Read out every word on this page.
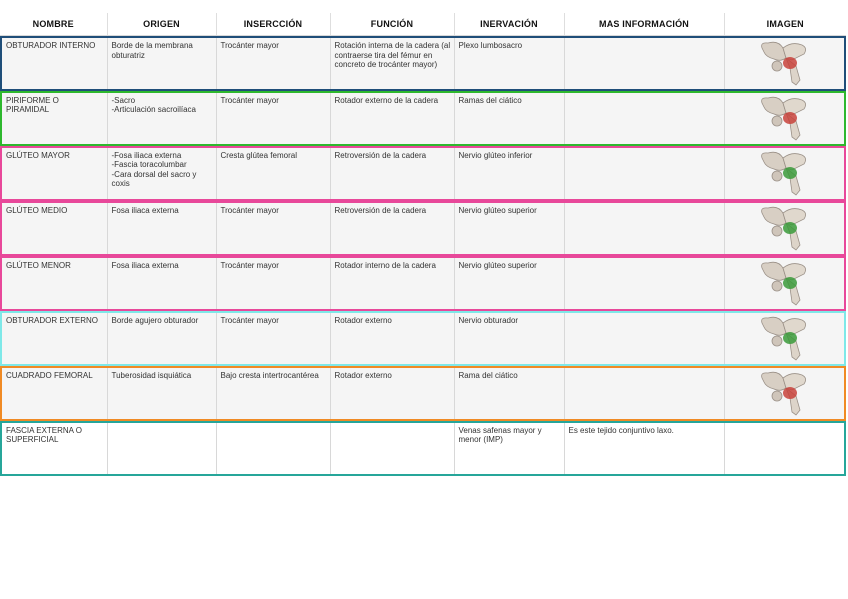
NOMBRE	ORIGEN	INSERCCIÓN	FUNCIÓN	INERVACIÓN	MAS INFORMACIÓN	IMAGEN
OBTURADOR INTERNO	Borde de la membrana obturatriz	Trocánter mayor	Rotación interna de la cadera (al contraerse tira del fémur en concreto de trocánter mayor)	Plexo lumbosacro		

PIRIFORME O
PIRAMIDAL	-Sacro
-Articulación sacroilíaca	Trocánter mayor	Rotador externo de la cadera	Ramas del ciático		

GLÚTEO MAYOR	-Fosa iliaca externa
-Fascia toracolumbar
-Cara dorsal del sacro y coxis	Cresta glútea femoral	Retroversión de la cadera	Nervio glúteo inferior		

GLÚTEO MEDIO	Fosa iliaca externa	Trocánter mayor	Retroversión de la cadera	Nervio glúteo superior		

GLÚTEO MENOR	Fosa iliaca externa	Trocánter mayor	Rotador interno de la cadera	Nervio glúteo superior		

OBTURADOR EXTERNO	Borde agujero obturador	Trocánter mayor	Rotador externo	Nervio obturador		

CUADRADO FEMORAL	Tuberosidad isquiática	Bajo cresta intertrocantérea	Rotador externo	Rama del ciático		

FASCIA EXTERNA O SUPERFICIAL				Venas safenas mayor y menor (IMP)	Es este tejido conjuntivo laxo.	
